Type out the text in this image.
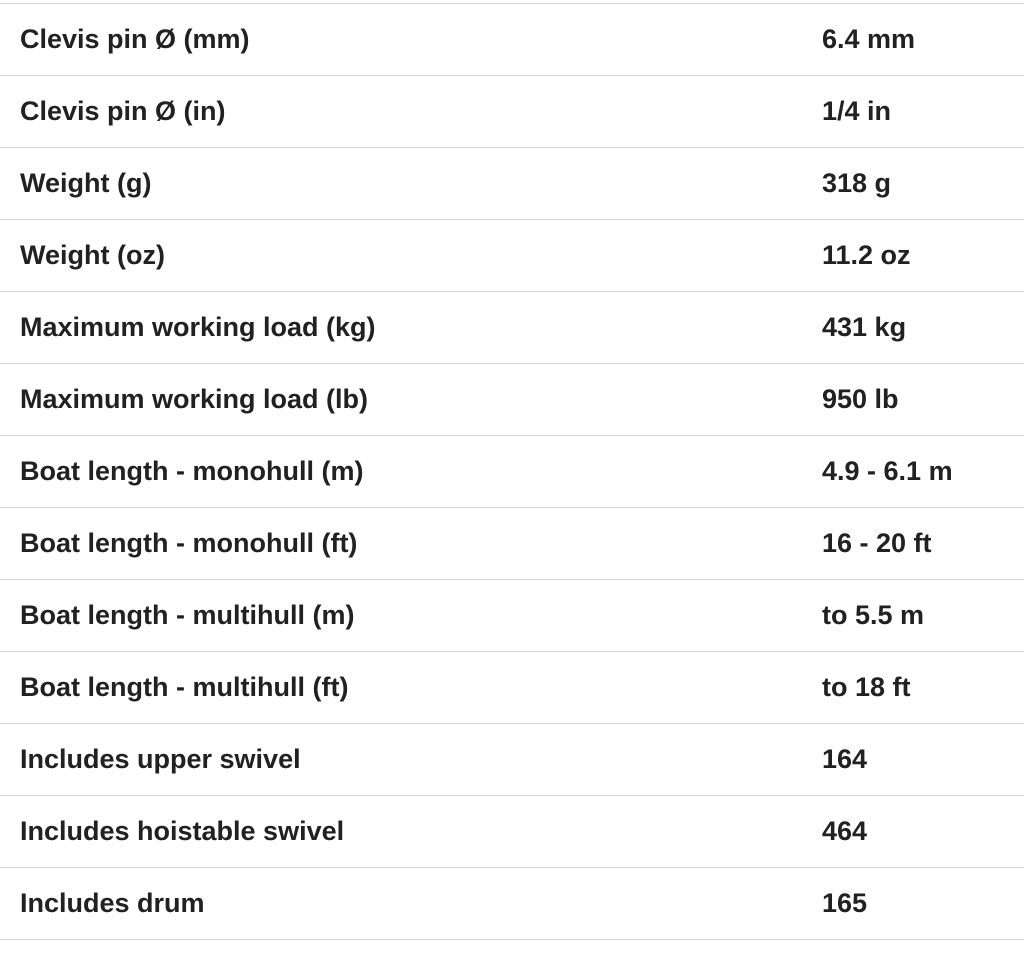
Clevis pin Ø (mm)	6.4 mm
Clevis pin Ø (in)	1/4 in
Weight (g)	318 g
Weight (oz)	11.2 oz
Maximum working load (kg)	431 kg
Maximum working load (lb)	950 lb
Boat length - monohull (m)	4.9 - 6.1 m
Boat length - monohull (ft)	16 - 20 ft
Boat length - multihull (m)	to 5.5 m
Boat length - multihull (ft)	to 18 ft
Includes upper swivel	164
Includes hoistable swivel	464
Includes drum	165
